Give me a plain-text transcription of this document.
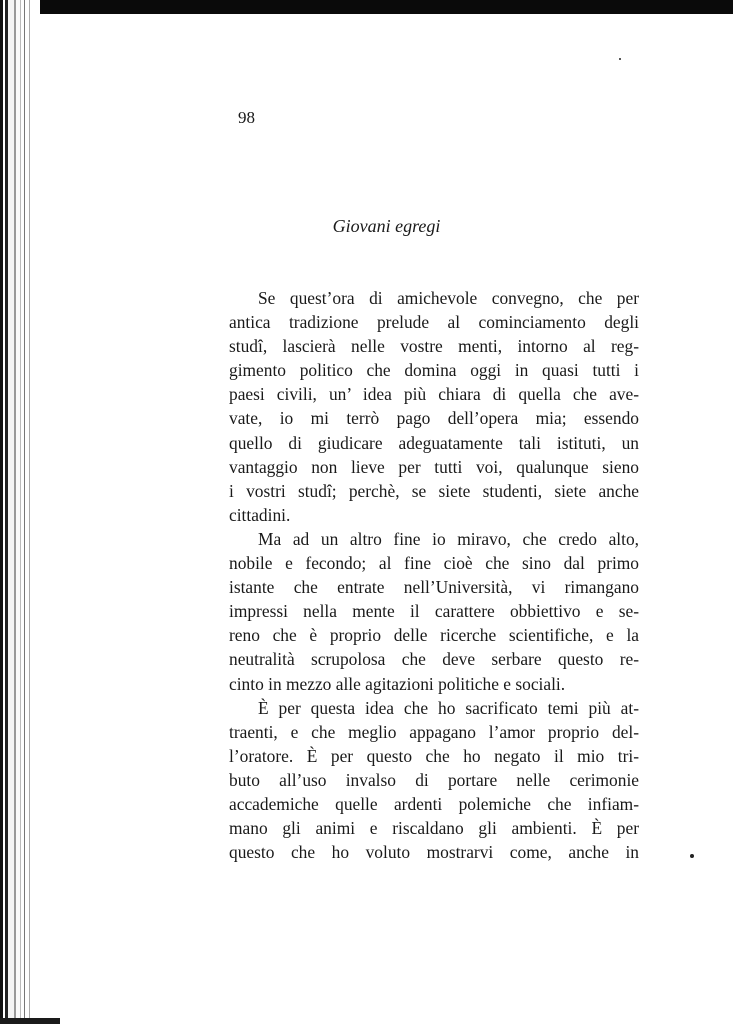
98
Giovani egregi
Se quest’ora di amichevole convegno, che per
antica tradizione prelude al cominciamento degli
studî, lascierà nelle vostre menti, intorno al reg-
gimento politico che domina oggi in quasi tutti i
paesi civili, un’ idea più chiara di quella che ave-
vate, io mi terrò pago dell’opera mia; essendo
quello di giudicare adeguatamente tali istituti, un
vantaggio non lieve per tutti voi, qualunque sieno
i vostri studî; perchè, se siete studenti, siete anche
cittadini.
Ma ad un altro fine io miravo, che credo alto,
nobile e fecondo; al fine cioè che sino dal primo
istante che entrate nell’Università, vi rimangano
impressi nella mente il carattere obbiettivo e se-
reno che è proprio delle ricerche scientifiche, e la
neutralità scrupolosa che deve serbare questo re-
cinto in mezzo alle agitazioni politiche e sociali.
È per questa idea che ho sacrificato temi più at-
traenti, e che meglio appagano l’amor proprio del-
l’oratore. È per questo che ho negato il mio tri-
buto all’uso invalso di portare nelle cerimonie
accademiche quelle ardenti polemiche che infiam-
mano gli animi e riscaldano gli ambienti. È per
questo che ho voluto mostrarvi come, anche in
